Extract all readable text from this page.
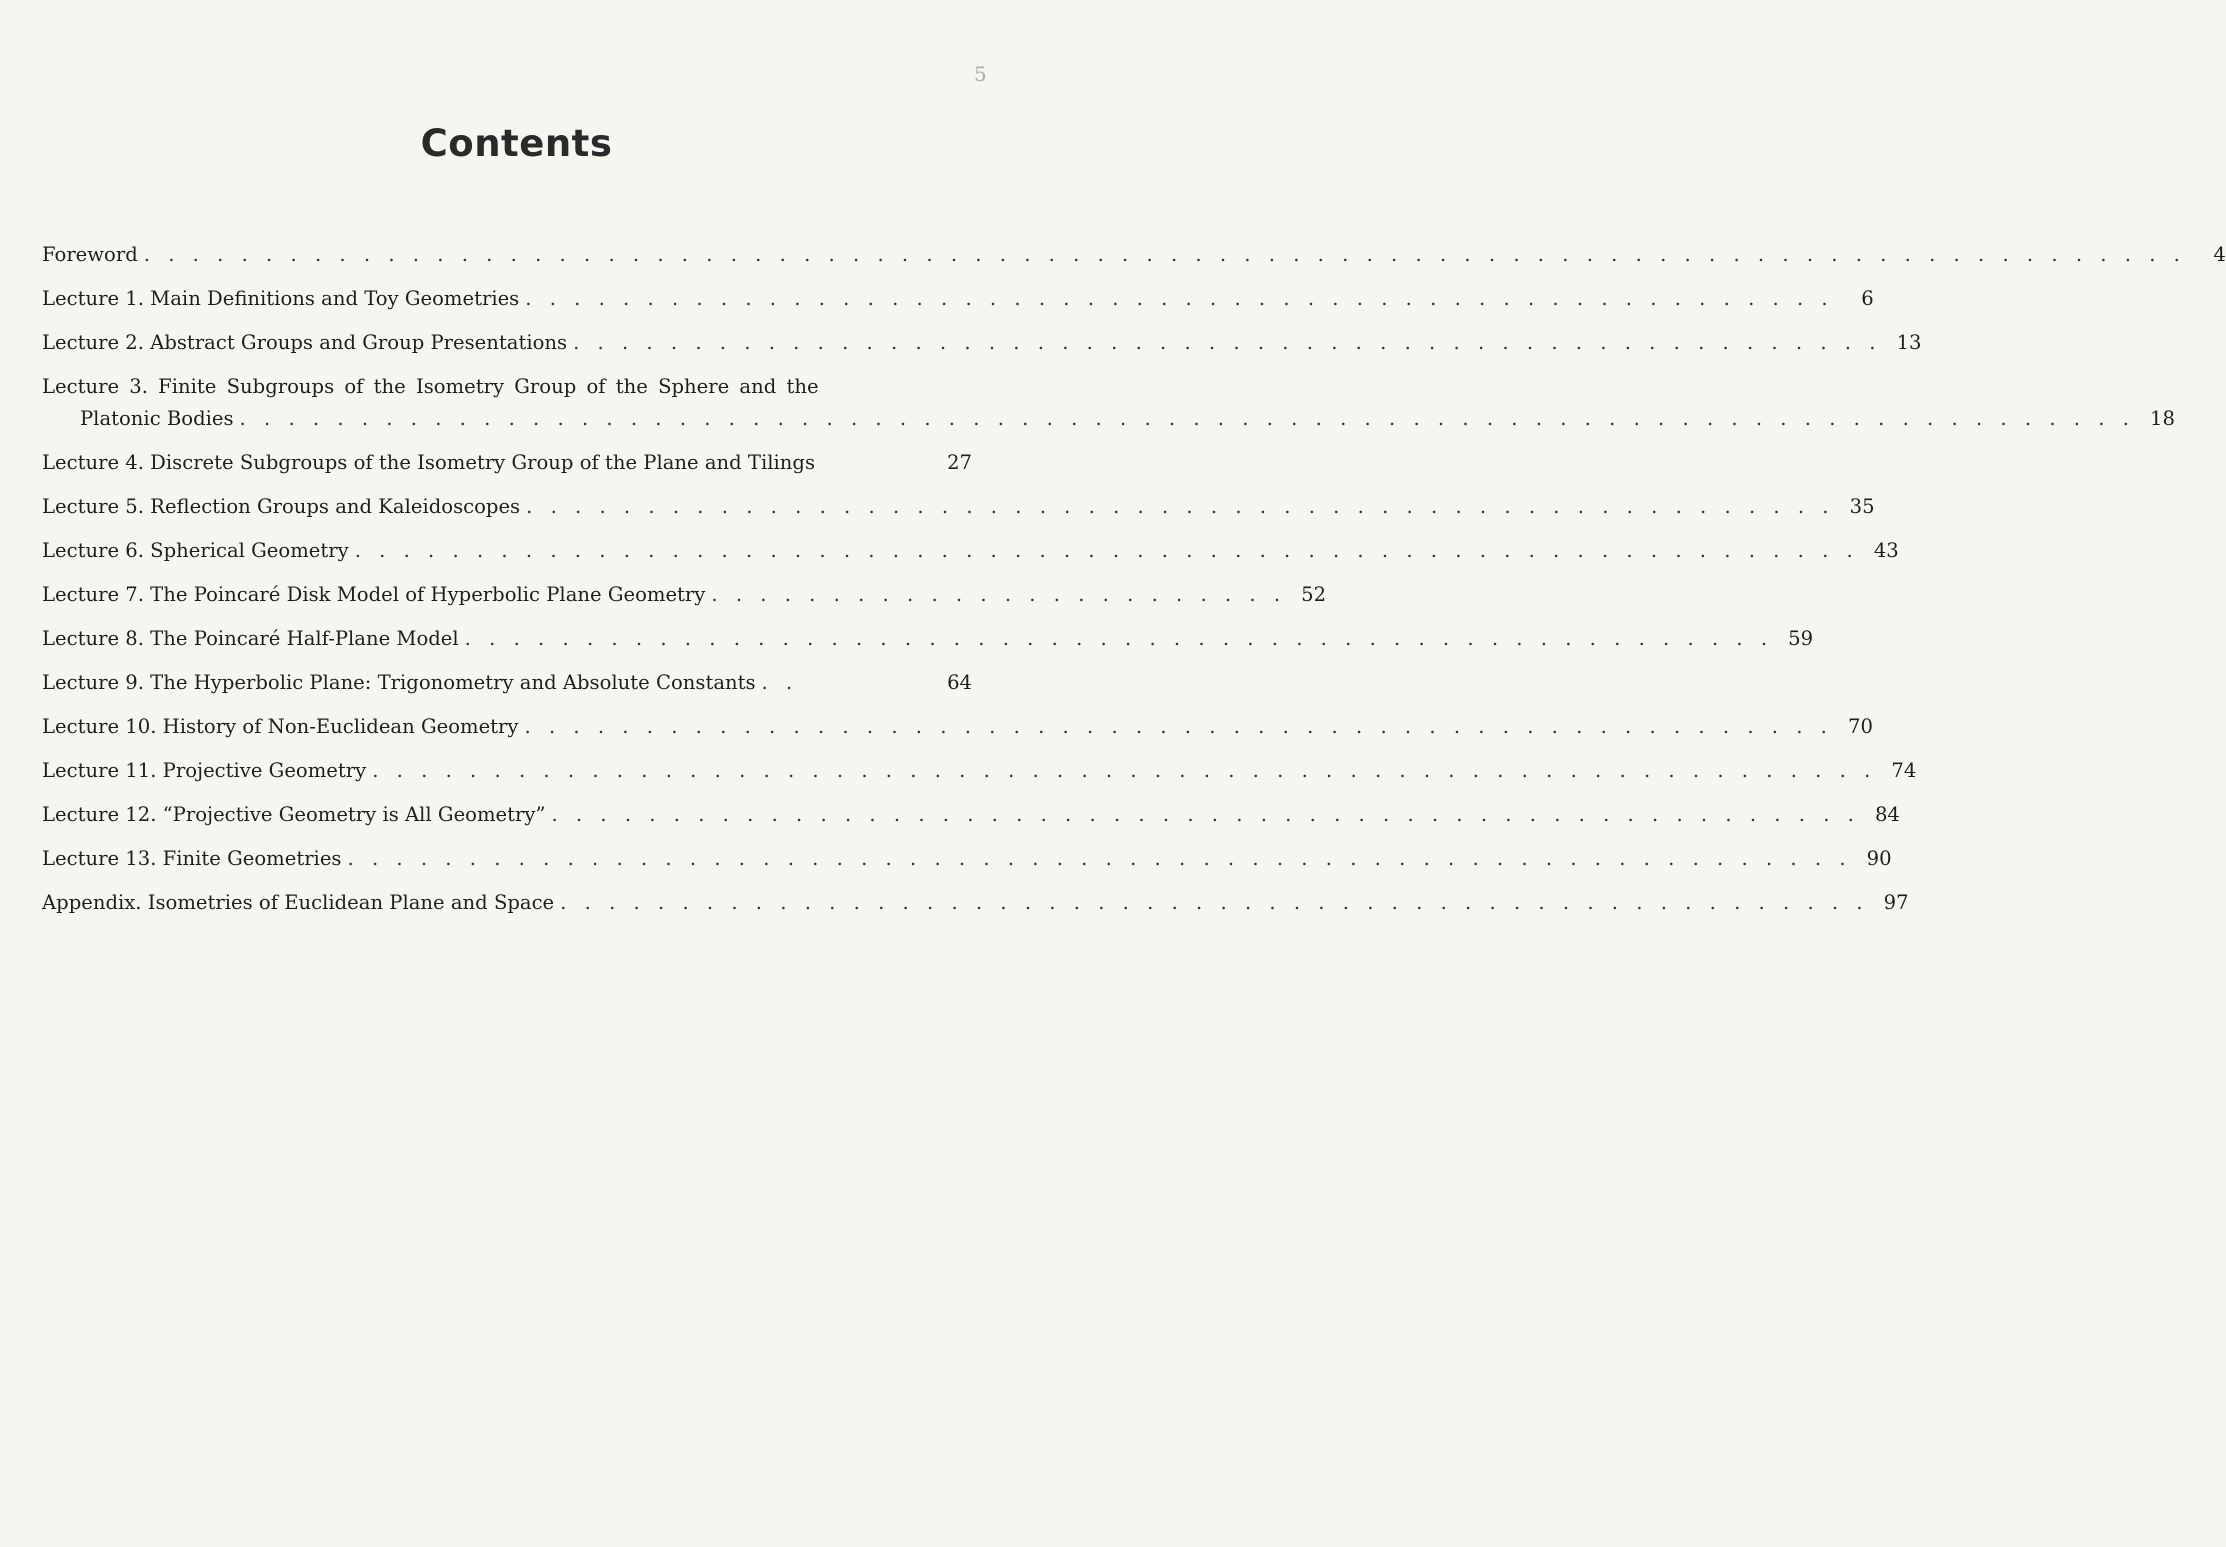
5
Contents
Foreword . . . . . . . . . . . . . . . . . . . . . . . . . . . . . . . . . . . . . . . . . . . . . . . . . . . . . . . . . . . . . . . . . . . . . . . . . . . . . . . . . . . .	4
Lecture 1. Main Definitions and Toy Geometries . . . . . . . . . . . . . . . . . . . . . . . . . . . . . . . . . . . . . . . . . . . . . . . . . . . . . .	6
Lecture 2. Abstract Groups and Group Presentations . . . . . . . . . . . . . . . . . . . . . . . . . . . . . . . . . . . . . . . . . . . . . . . . . . . . . . 13
Lecture 3. Finite Subgroups of the Isometry Group of the Sphere and the
Platonic Bodies . . . . . . . . . . . . . . . . . . . . . . . . . . . . . . . . . . . . . . . . . . . . . . . . . . . . . . . . . . . . . . . . . . . . . . . . . . . . . . 18
Lecture 4. Discrete Subgroups of the Isometry Group of the Plane and Tilings	27
Lecture 5. Reflection Groups and Kaleidoscopes . . . . . . . . . . . . . . . . . . . . . . . . . . . . . . . . . . . . . . . . . . . . . . . . . . . . . . 35
Lecture 6. Spherical Geometry . . . . . . . . . . . . . . . . . . . . . . . . . . . . . . . . . . . . . . . . . . . . . . . . . . . . . . . . . . . . . . 43
Lecture 7. The Poincaré Disk Model of Hyperbolic Plane Geometry . . . . . . . . . . . . . . . . . . . . . . . . 52
Lecture 8. The Poincaré Half-Plane Model . . . . . . . . . . . . . . . . . . . . . . . . . . . . . . . . . . . . . . . . . . . . . . . . . . . . . . 59
Lecture 9. The Hyperbolic Plane: Trigonometry and Absolute Constants . .	64
Lecture 10. History of Non-Euclidean Geometry . . . . . . . . . . . . . . . . . . . . . . . . . . . . . . . . . . . . . . . . . . . . . . . . . . . . . . 70
Lecture 11. Projective Geometry . . . . . . . . . . . . . . . . . . . . . . . . . . . . . . . . . . . . . . . . . . . . . . . . . . . . . . . . . . . . . . 74
Lecture 12. “Projective Geometry is All Geometry” . . . . . . . . . . . . . . . . . . . . . . . . . . . . . . . . . . . . . . . . . . . . . . . . . . . . . . 84
Lecture 13. Finite Geometries . . . . . . . . . . . . . . . . . . . . . . . . . . . . . . . . . . . . . . . . . . . . . . . . . . . . . . . . . . . . . . 90
Appendix. Isometries of Euclidean Plane and Space . . . . . . . . . . . . . . . . . . . . . . . . . . . . . . . . . . . . . . . . . . . . . . . . . . . . . . 97
